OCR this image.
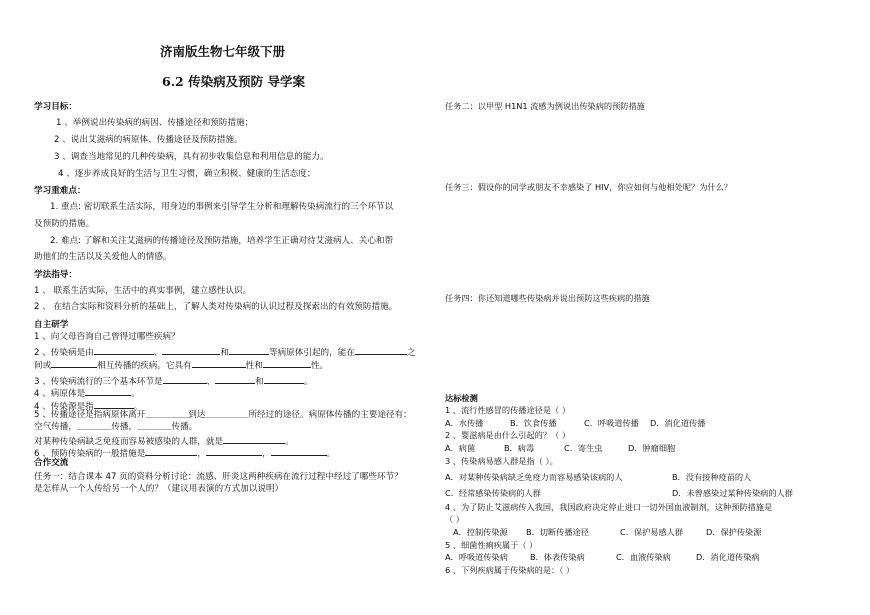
济南版生物七年级下册
6.2 传染病及预防 导学案
学习目标：
1 、举例说出传染病的病因、传播途径和预防措施；
2 、说出艾滋病的病原体、传播途径及预防措施。
3 、调查当地常见的几种传染病，具有初步收集信息和利用信息的能力。
4 、逐步养成良好的生活与卫生习惯，确立积极、健康的生活态度；
学习重难点：
1. 重点: 密切联系生活实际，用身边的事例来引导学生分析和理解传染病流行的三个环节以
及预防的措施。
2. 难点: 了解和关注艾滋病的传播途径及预防措施，培养学生正确对待艾滋病人、关心和帮
助他们的生活以及关爱他人的情感。
学法指导：
1 、 联系生活实际，生活中的真实事例，建立感性认识。
2 、 在结合实际和资料分析的基础上，了解人类对传染病的认识过程及探索出的有效预防措施。
自主研学
1 、向父母咨询自己曾得过哪些疾病？
2 、传染病是由	、	和	等病原体引起的，能在	之
间或	相互传播的疾病。它具有	性和	性。
3 、传染病流行的三个基本环节是	、	和	。
4 、病原体是	。
4 、传染源是指	。
5 、传播途径是指病原体离开＿＿＿＿＿到达＿＿＿＿＿所经过的途径。病原体传播的主要途径有：
空气传播，＿＿＿＿传播，＿＿＿＿传播。
对某种传染病缺乏免疫而容易被感染的人群，就是	。
6 、预防传染病的一般措施是	，	，	。
合作交流
任务一：结合课本 47 页的资料分析讨论：流感、肝炎这两种疾病在流行过程中经过了哪些环节？
是怎样从一个人传给另一个人的？（建议用表演的方式加以说明）
任务二：以甲型 H1N1 流感为例说出传染病的预防措施
任务三：假设你的同学或朋友不幸感染了 HIV，你应如何与他相处呢？为什么？
任务四：你还知道哪些传染病并说出预防这些疾病的措施
达标检测
1 、流行性感冒的传播途径是（ ）
A．水传播	B．饮食传播	C．呼吸道传播 D．消化道传播
2 、婴滋病是由什么引起的？（ ）
A．病菌	B．病毒	C．寄生虫	D．肿瘤细胞
3 、传染病易感人群是指（ ）。
A．对某种传染病缺乏免疫力而容易感染该病的人	B．没有接种疫苗的人
C．经常感染传染病的人群	D．未曾感染过某种传染病的人群
4 、为了防止艾滋病传入我国，我国政府决定停止进口一切外国血液制剂，这种预防措施是
（ ）
A．控制传染源 B．切断传播途径	C．保护易感人群	D．保护传染源
5 、细菌性痢疾属于（ ）
A．呼吸道传染病	B．体表传染病	C．血液传染病	D．消化道传染病
6 、下列疾病属于传染病的是：（ ）
